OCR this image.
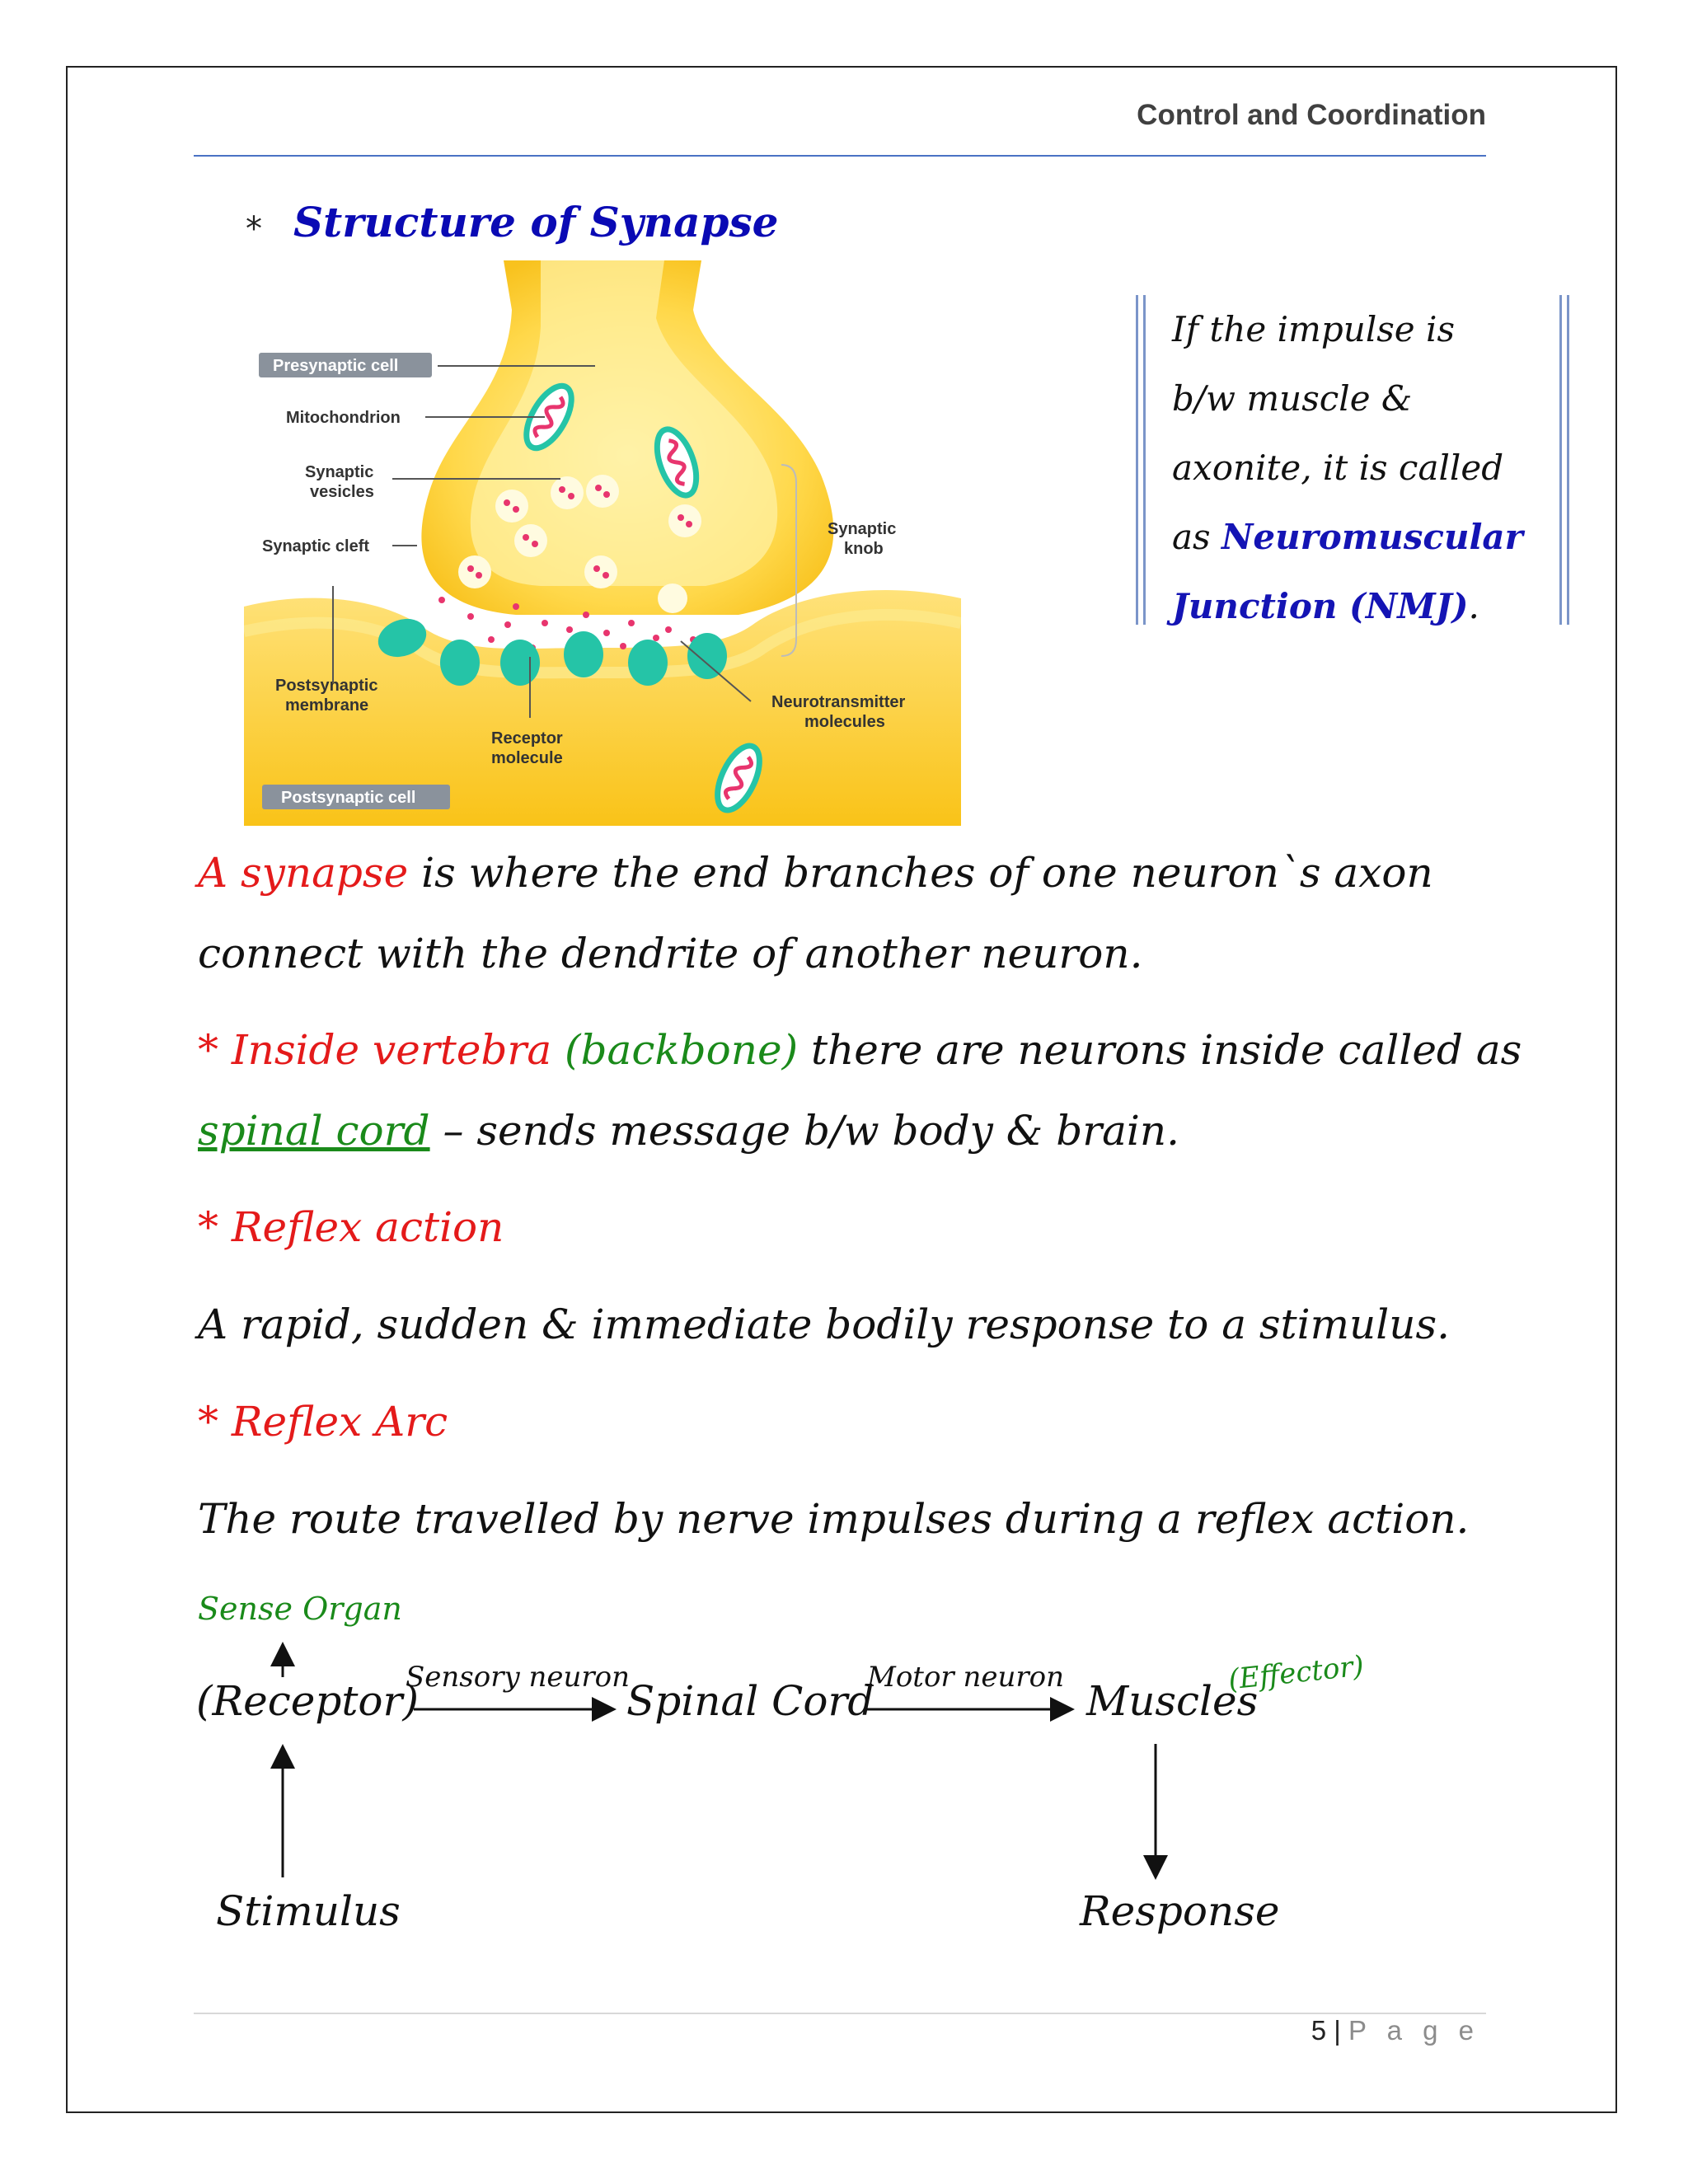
Control and Coordination
* Structure of Synapse
Presynaptic cell
Mitochondrion
Synaptic
vesicles
Synaptic cleft
Synaptic
knob
Postsynaptic
membrane
Receptor
molecule
Neurotransmitter
molecules
Postsynaptic cell
If the impulse is
b/w muscle &
axonite, it is called
as Neuromuscular
Junction (NMJ).
A synapse is where the end branches of one neuron`s axon
connect with the dendrite of another neuron.
* Inside vertebra (backbone) there are neurons inside called as
spinal cord – sends message b/w body & brain.
* Reflex action
A rapid, sudden & immediate bodily response to a stimulus.
* Reflex Arc
The route travelled by nerve impulses during a reflex action.
Sense Organ
(Receptor)
Sensory neuron
Spinal Cord
Motor neuron Muscles
(Effector)
Stimulus	Response
5 | P a g e
